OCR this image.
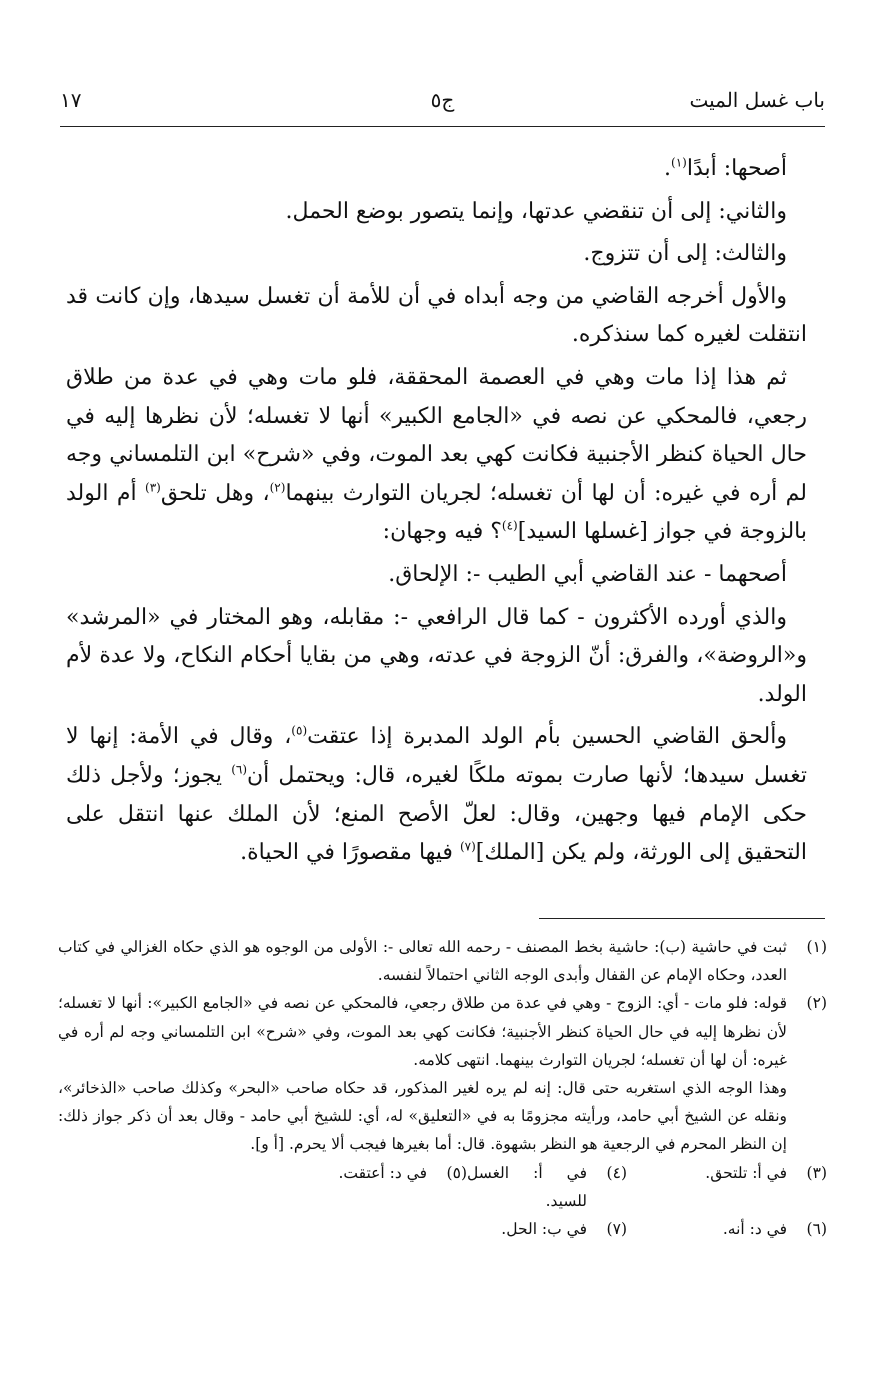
باب غسل الميت
ج٥
١٧

أصحها: أبدًا$^{(١)}$.

والثاني: إلى أن تنقضي عدتها، وإنما يتصور بوضع الحمل.

والثالث: إلى أن تتزوج.

والأول أخرجه القاضي من وجه أبداه في أن للأمة أن تغسل سيدها، وإن كانت قد انتقلت لغيره كما سنذكره.

ثم هذا إذا مات وهي في العصمة المحققة، فلو مات وهي في عدة من طلاق رجعي، فالمحكي عن نصه في «الجامع الكبير» أنها لا تغسله؛ لأن نظرها إليه في حال الحياة كنظر الأجنبية فكانت كهي بعد الموت، وفي «شرح» ابن التلمساني وجه لم أره في غيره: أن لها أن تغسله؛ لجريان التوارث بينهما$^{(٢)}$، وهل تلحق$^{(٣)}$ أم الولد بالزوجة في جواز [غسلها السيد]$^{(٤)}$؟ فيه وجهان:

أصحهما - عند القاضي أبي الطيب -: الإلحاق.

والذي أورده الأكثرون - كما قال الرافعي -: مقابله، وهو المختار في «المرشد» و«الروضة»، والفرق: أنّ الزوجة في عدته، وهي من بقايا أحكام النكاح، ولا عدة لأم الولد.

وألحق القاضي الحسين بأم الولد المدبرة إذا عتقت$^{(٥)}$، وقال في الأمة: إنها لا تغسل سيدها؛ لأنها صارت بموته ملكًا لغيره، قال: ويحتمل أن$^{(٦)}$ يجوز؛ ولأجل ذلك حكى الإمام فيها وجهين، وقال: لعلّ الأصح المنع؛ لأن الملك عنها انتقل على التحقيق إلى الورثة، ولم يكن [الملك]$^{(٧)}$ فيها مقصورًا في الحياة.

(١)
ثبت في حاشية (ب): حاشية بخط المصنف - رحمه الله تعالى -: الأولى من الوجوه هو الذي حكاه الغزالي في كتاب العدد، وحكاه الإمام عن القفال وأبدى الوجه الثاني احتمالاً لنفسه.
(٢)
قوله: فلو مات - أي: الزوج - وهي في عدة من طلاق رجعي، فالمحكي عن نصه في «الجامع الكبير»: أنها لا تغسله؛ لأن نظرها إليه في حال الحياة كنظر الأجنبية؛ فكانت كهي بعد الموت، وفي «شرح» ابن التلمساني وجه لم أره في غيره: أن لها أن تغسله؛ لجريان التوارث بينهما. انتهى كلامه.
وهذا الوجه الذي استغربه حتى قال: إنه لم يره لغير المذكور، قد حكاه صاحب «البحر» وكذلك صاحب «الذخائر»، ونقله عن الشيخ أبي حامد، ورأيته مجزومًا به في «التعليق» له، أي: للشيخ أبي حامد - وقال بعد أن ذكر جواز ذلك: إن النظر المحرم في الرجعية هو النظر بشهوة. قال: أما بغيرها فيجب ألا يحرم. [أ و].
(٣)
في أ: تلتحق.
(٤)
في أ: الغسل للسيد.
(٥)
في د: أعتقت.
(٦)
في د: أنه.
(٧)
في ب: الحل.
